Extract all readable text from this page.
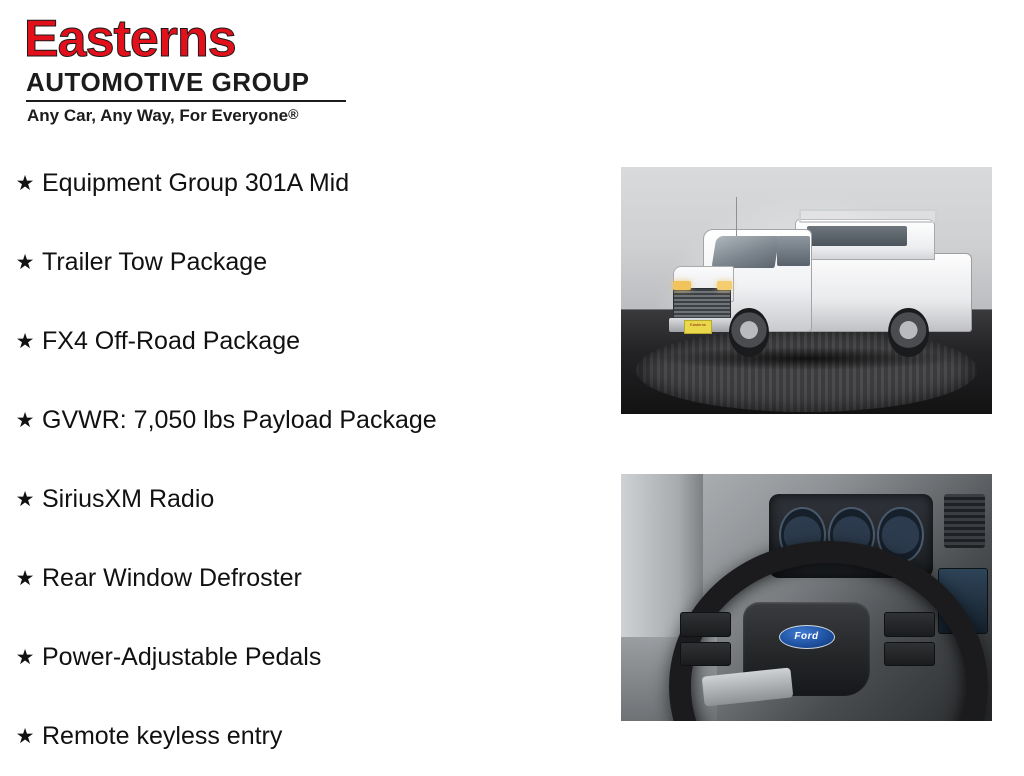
Easterns
AUTOMOTIVE GROUP
Any Car, Any Way, For Everyone®
★ Equipment Group 301A Mid
★ Trailer Tow Package
★ FX4 Off-Road Package
★ GVWR: 7,050 lbs Payload Package
★ SiriusXM Radio
★ Rear Window Defroster
★ Power-Adjustable Pedals
★ Remote keyless entry
Easterns
Ford
